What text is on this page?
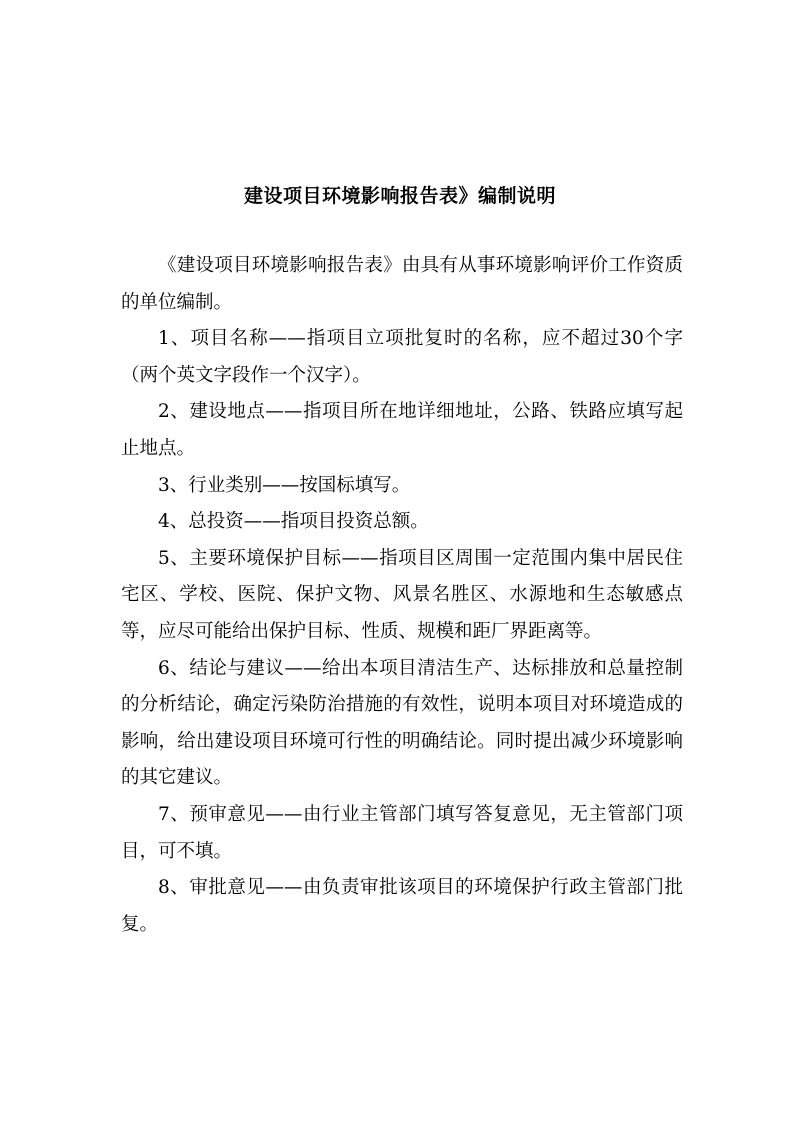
建设项目环境影响报告表》编制说明

《建设项目环境影响报告表》由具有从事环境影响评价工作资质的单位编制。

1、项目名称——指项目立项批复时的名称，应不超过30个字（两个英文字段作一个汉字）。

2、建设地点——指项目所在地详细地址，公路、铁路应填写起止地点。

3、行业类别——按国标填写。

4、总投资——指项目投资总额。

5、主要环境保护目标——指项目区周围一定范围内集中居民住宅区、学校、医院、保护文物、风景名胜区、水源地和生态敏感点等，应尽可能给出保护目标、性质、规模和距厂界距离等。

6、结论与建议——给出本项目清洁生产、达标排放和总量控制的分析结论，确定污染防治措施的有效性，说明本项目对环境造成的影响，给出建设项目环境可行性的明确结论。同时提出减少环境影响的其它建议。

7、预审意见——由行业主管部门填写答复意见，无主管部门项目，可不填。

8、审批意见——由负责审批该项目的环境保护行政主管部门批复。
